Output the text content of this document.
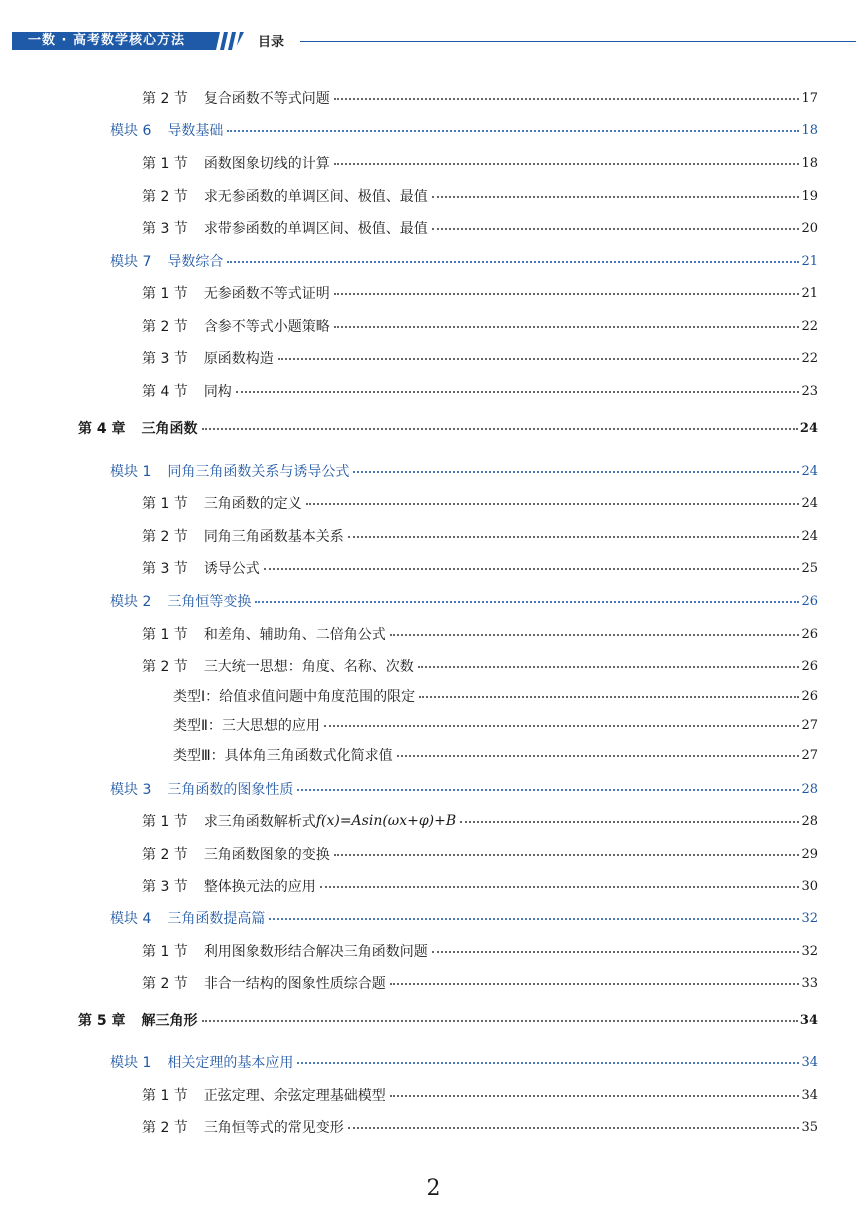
一数 · 高考数学核心方法	目录
第 2 节 复合函数不等式问题	17
模块 6 导数基础	18
第 1 节 函数图象切线的计算	18
第 2 节 求无参函数的单调区间、极值、最值	19
第 3 节 求带参函数的单调区间、极值、最值	20
模块 7 导数综合	21
第 1 节 无参函数不等式证明	21
第 2 节 含参不等式小题策略	22
第 3 节 原函数构造	22
第 4 节 同构	23
第 4 章 三角函数	24
模块 1 同角三角函数关系与诱导公式	24
第 1 节 三角函数的定义	24
第 2 节 同角三角函数基本关系	24
第 3 节 诱导公式	25
模块 2 三角恒等变换	26
第 1 节 和差角、辅助角、二倍角公式	26
第 2 节 三大统一思想：角度、名称、次数	26
类型Ⅰ： 给值求值问题中角度范围的限定	26
类型Ⅱ： 三大思想的应用	27
类型Ⅲ： 具体角三角函数式化简求值	27
模块 3 三角函数的图象性质	28
第 1 节 求三角函数解析式 f(x)=Asin(ωx+φ)+B	28
第 2 节 三角函数图象的变换	29
第 3 节 整体换元法的应用	30
模块 4 三角函数提高篇	32
第 1 节 利用图象数形结合解决三角函数问题	32
第 2 节 非合一结构的图象性质综合题	33
第 5 章 解三角形	34
模块 1 相关定理的基本应用	34
第 1 节 正弦定理、余弦定理基础模型	34
第 2 节 三角恒等式的常见变形	35
2
